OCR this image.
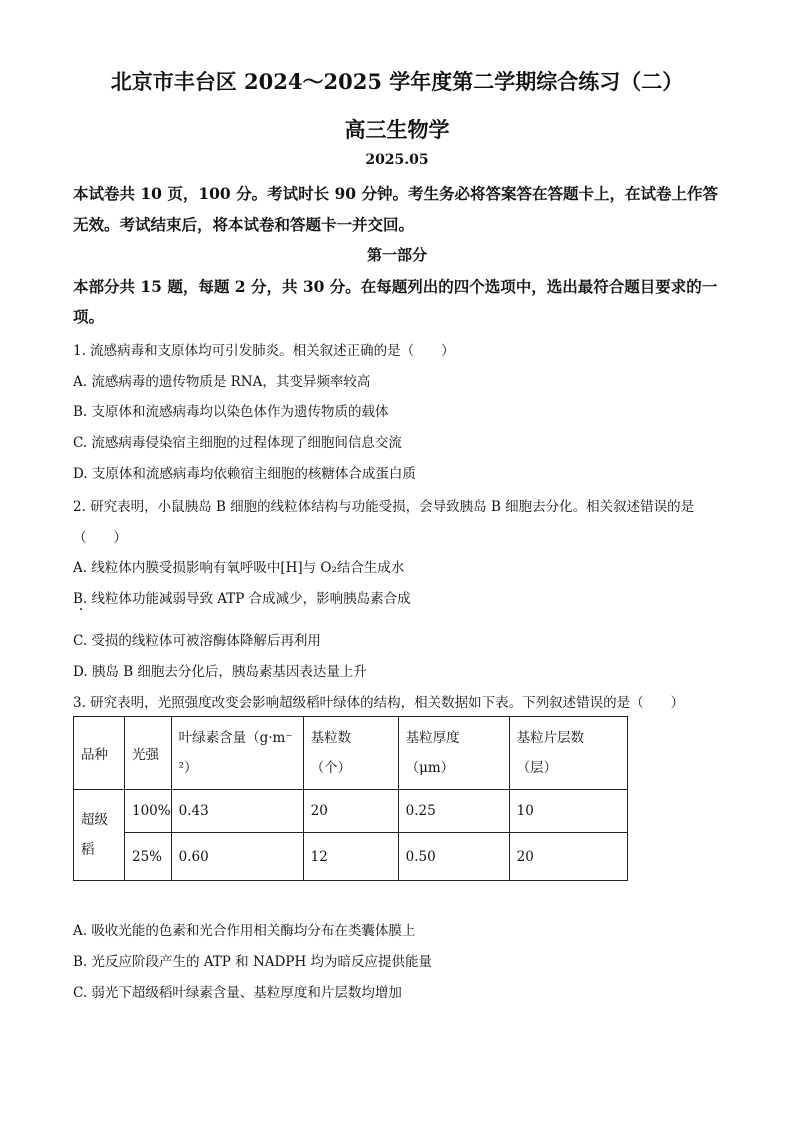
北京市丰台区 2024～2025 学年度第二学期综合练习（二）
高三生物学
2025.05
本试卷共 10 页，100 分。考试时长 90 分钟。考生务必将答案答在答题卡上，在试卷上作答
无效。考试结束后，将本试卷和答题卡一并交回。
第一部分
本部分共 15 题，每题 2 分，共 30 分。在每题列出的四个选项中，选出最符合题目要求的一
项。
1. 流感病毒和支原体均可引发肺炎。相关叙述正确的是（　　）
A. 流感病毒的遗传物质是 RNA，其变异频率较高
B. 支原体和流感病毒均以染色体作为遗传物质的载体
C. 流感病毒侵染宿主细胞的过程体现了细胞间信息交流
D. 支原体和流感病毒均依赖宿主细胞的核糖体合成蛋白质
2. 研究表明，小鼠胰岛 B 细胞的线粒体结构与功能受损，会导致胰岛 B 细胞去分化。相关叙述错误的是
（　　）
A. 线粒体内膜受损影响有氧呼吸中[H]与 O₂结合生成水
B. 线粒体功能减弱导致 ATP 合成减少，影响胰岛素合成
C. 受损的线粒体可被溶酶体降解后再利用
D. 胰岛 B 细胞去分化后，胰岛素基因表达量上升
3. 研究表明，光照强度改变会影响超级稻叶绿体的结构，相关数据如下表。下列叙述错误的是（　　）
品种	光强	叶绿素含量（g·m⁻
²）	基粒数
（个）	基粒厚度
（μm）	基粒片层数
（层）
超级
稻	100%	0.43	20	0.25	10
	25%	0.60	12	0.50	20
A. 吸收光能的色素和光合作用相关酶均分布在类囊体膜上
B. 光反应阶段产生的 ATP 和 NADPH 均为暗反应提供能量
C. 弱光下超级稻叶绿素含量、基粒厚度和片层数均增加
